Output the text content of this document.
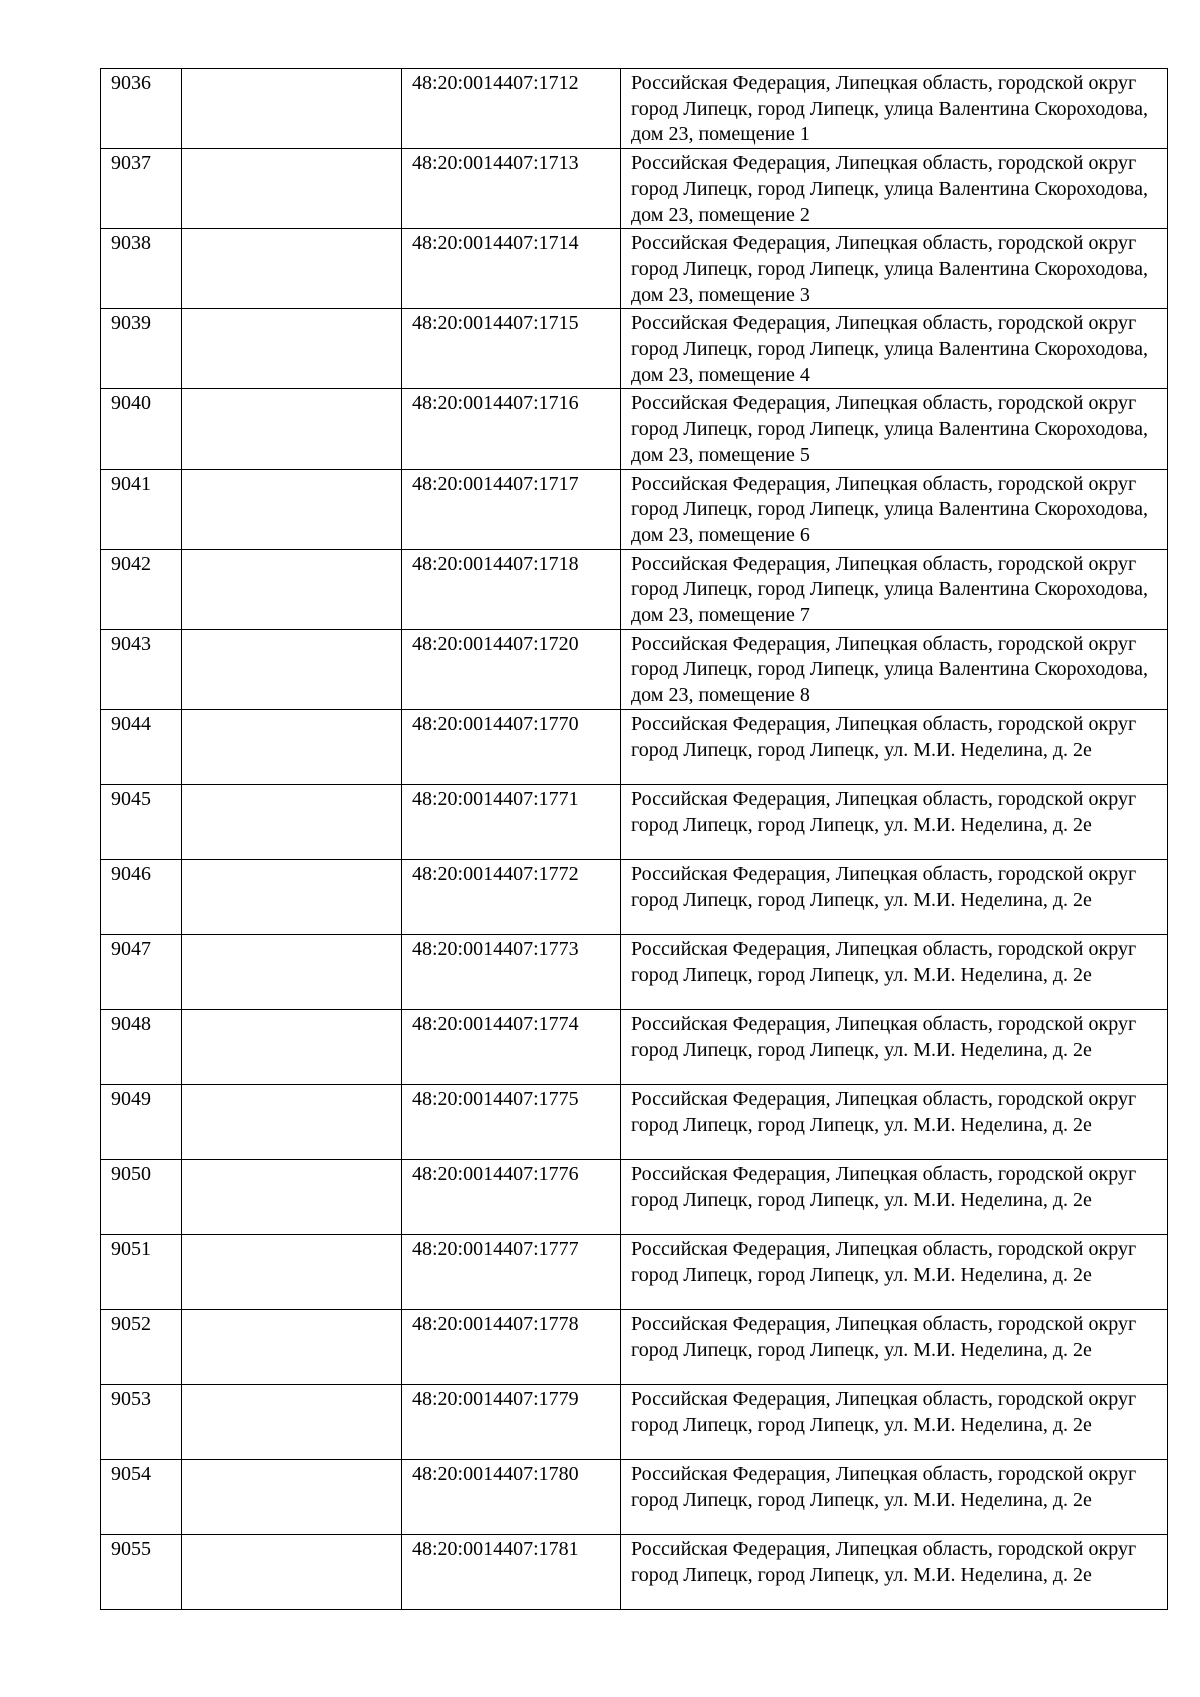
9036		48:20:0014407:1712	Российская Федерация, Липецкая область, городской округ город Липецк, город Липецк, улица Валентина Скороходова, дом 23, помещение 1
9037		48:20:0014407:1713	Российская Федерация, Липецкая область, городской округ город Липецк, город Липецк, улица Валентина Скороходова, дом 23, помещение 2
9038		48:20:0014407:1714	Российская Федерация, Липецкая область, городской округ город Липецк, город Липецк, улица Валентина Скороходова, дом 23, помещение 3
9039		48:20:0014407:1715	Российская Федерация, Липецкая область, городской округ город Липецк, город Липецк, улица Валентина Скороходова, дом 23, помещение 4
9040		48:20:0014407:1716	Российская Федерация, Липецкая область, городской округ город Липецк, город Липецк, улица Валентина Скороходова, дом 23, помещение 5
9041		48:20:0014407:1717	Российская Федерация, Липецкая область, городской округ город Липецк, город Липецк, улица Валентина Скороходова, дом 23, помещение 6
9042		48:20:0014407:1718	Российская Федерация, Липецкая область, городской округ город Липецк, город Липецк, улица Валентина Скороходова, дом 23, помещение 7
9043		48:20:0014407:1720	Российская Федерация, Липецкая область, городской округ город Липецк, город Липецк, улица Валентина Скороходова, дом 23, помещение 8
9044		48:20:0014407:1770	Российская Федерация, Липецкая область, городской округ город Липецк, город Липецк, ул. М.И. Неделина, д. 2е
9045		48:20:0014407:1771	Российская Федерация, Липецкая область, городской округ город Липецк, город Липецк, ул. М.И. Неделина, д. 2е
9046		48:20:0014407:1772	Российская Федерация, Липецкая область, городской округ город Липецк, город Липецк, ул. М.И. Неделина, д. 2е
9047		48:20:0014407:1773	Российская Федерация, Липецкая область, городской округ город Липецк, город Липецк, ул. М.И. Неделина, д. 2е
9048		48:20:0014407:1774	Российская Федерация, Липецкая область, городской округ город Липецк, город Липецк, ул. М.И. Неделина, д. 2е
9049		48:20:0014407:1775	Российская Федерация, Липецкая область, городской округ город Липецк, город Липецк, ул. М.И. Неделина, д. 2е
9050		48:20:0014407:1776	Российская Федерация, Липецкая область, городской округ город Липецк, город Липецк, ул. М.И. Неделина, д. 2е
9051		48:20:0014407:1777	Российская Федерация, Липецкая область, городской округ город Липецк, город Липецк, ул. М.И. Неделина, д. 2е
9052		48:20:0014407:1778	Российская Федерация, Липецкая область, городской округ город Липецк, город Липецк, ул. М.И. Неделина, д. 2е
9053		48:20:0014407:1779	Российская Федерация, Липецкая область, городской округ город Липецк, город Липецк, ул. М.И. Неделина, д. 2е
9054		48:20:0014407:1780	Российская Федерация, Липецкая область, городской округ город Липецк, город Липецк, ул. М.И. Неделина, д. 2е
9055		48:20:0014407:1781	Российская Федерация, Липецкая область, городской округ город Липецк, город Липецк, ул. М.И. Неделина, д. 2е
